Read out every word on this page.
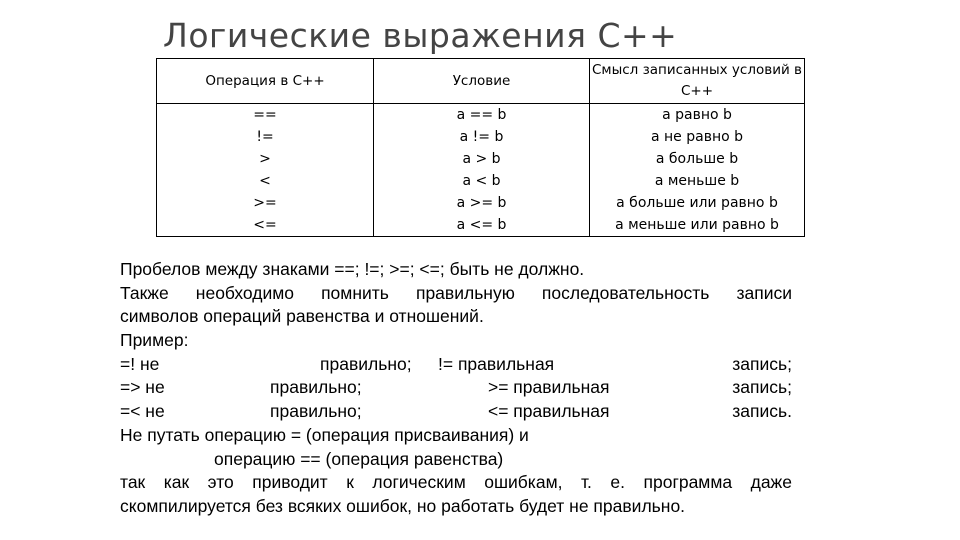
Логические выражения С++
Операция в С++	Условие	Смысл записанных условий в С++
==	a == b	a равно b
!=	a != b	a не равно b
>	a > b	a больше b
<	a < b	a меньше b
>=	a >= b	a больше или равно b
<=	a <= b	a меньше или равно b
Пробелов между знаками ==; !=; >=; <=; быть не должно.
Также необходимо помнить правильную последовательность записи
символов операций равенства и отношений.
Пример:
=! не	правильно;	!= правильная	запись;
=> не	правильно;	>= правильная	запись;
=< не	правильно;	<= правильная	запись.
Не путать операцию = (операция присваивания) и
операцию == (операция равенства)
так как это приводит к логическим ошибкам, т. е. программа даже
скомпилируется без всяких ошибок, но работать будет не правильно.
